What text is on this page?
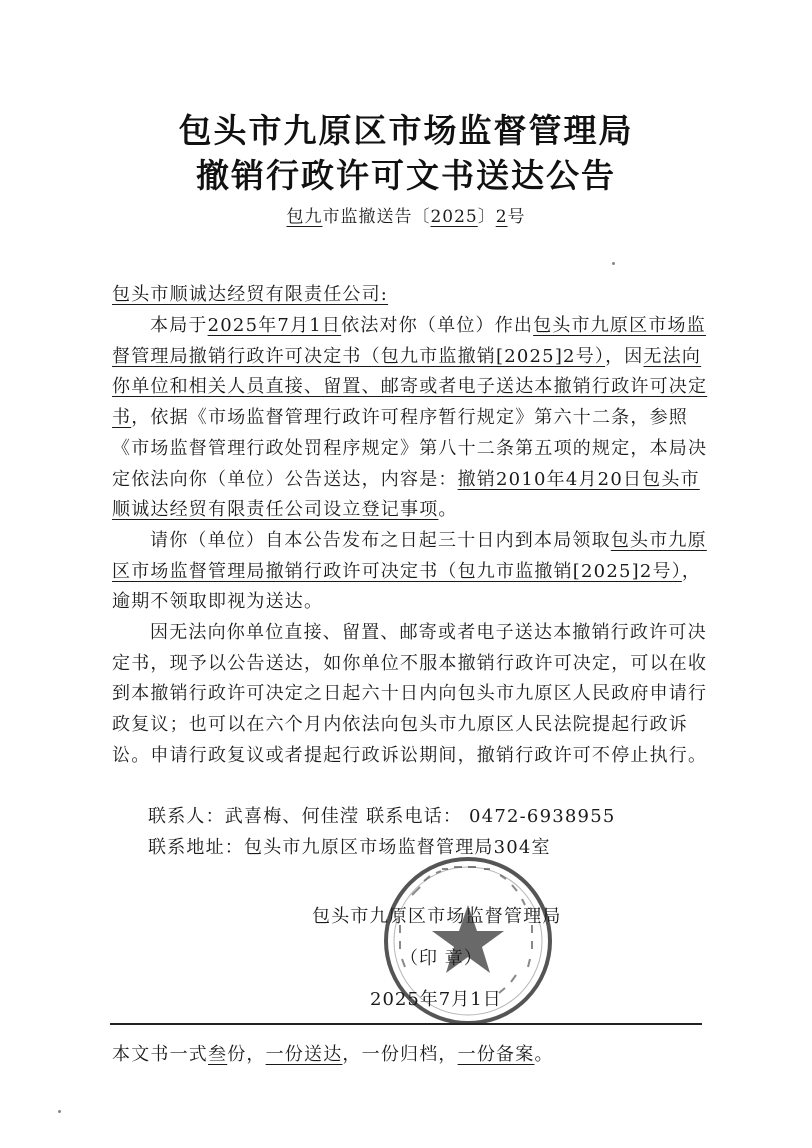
包头市九原区市场监督管理局
撤销行政许可文书送达公告
包九市监撤送告〔2025〕2号
包头市顺诚达经贸有限责任公司:
本局于2025年7月1日依法对你（单位）作出包头市九原区市场监督管理局撤销行政许可决定书（包九市监撤销[2025]2号），因无法向你单位和相关人员直接、留置、邮寄或者电子送达本撤销行政许可决定书，依据《市场监督管理行政许可程序暂行规定》第六十二条，参照《市场监督管理行政处罚程序规定》第八十二条第五项的规定，本局决定依法向你（单位）公告送达，内容是：撤销2010年4月20日包头市顺诚达经贸有限责任公司设立登记事项。
请你（单位）自本公告发布之日起三十日内到本局领取包头市九原区市场监督管理局撤销行政许可决定书（包九市监撤销[2025]2号），逾期不领取即视为送达。
因无法向你单位直接、留置、邮寄或者电子送达本撤销行政许可决定书，现予以公告送达，如你单位不服本撤销行政许可决定，可以在收到本撤销行政许可决定之日起六十日内向包头市九原区人民政府申请行政复议；也可以在六个月内依法向包头市九原区人民法院提起行政诉讼。申请行政复议或者提起行政诉讼期间，撤销行政许可不停止执行。
联系人：武喜梅、何佳滢 联系电话： 0472-6938955
联系地址：包头市九原区市场监督管理局304室
包头市九原区市场监督管理局
（印 章）
2025年7月1日
本文书一式叁份，一份送达，一份归档，一份备案。
